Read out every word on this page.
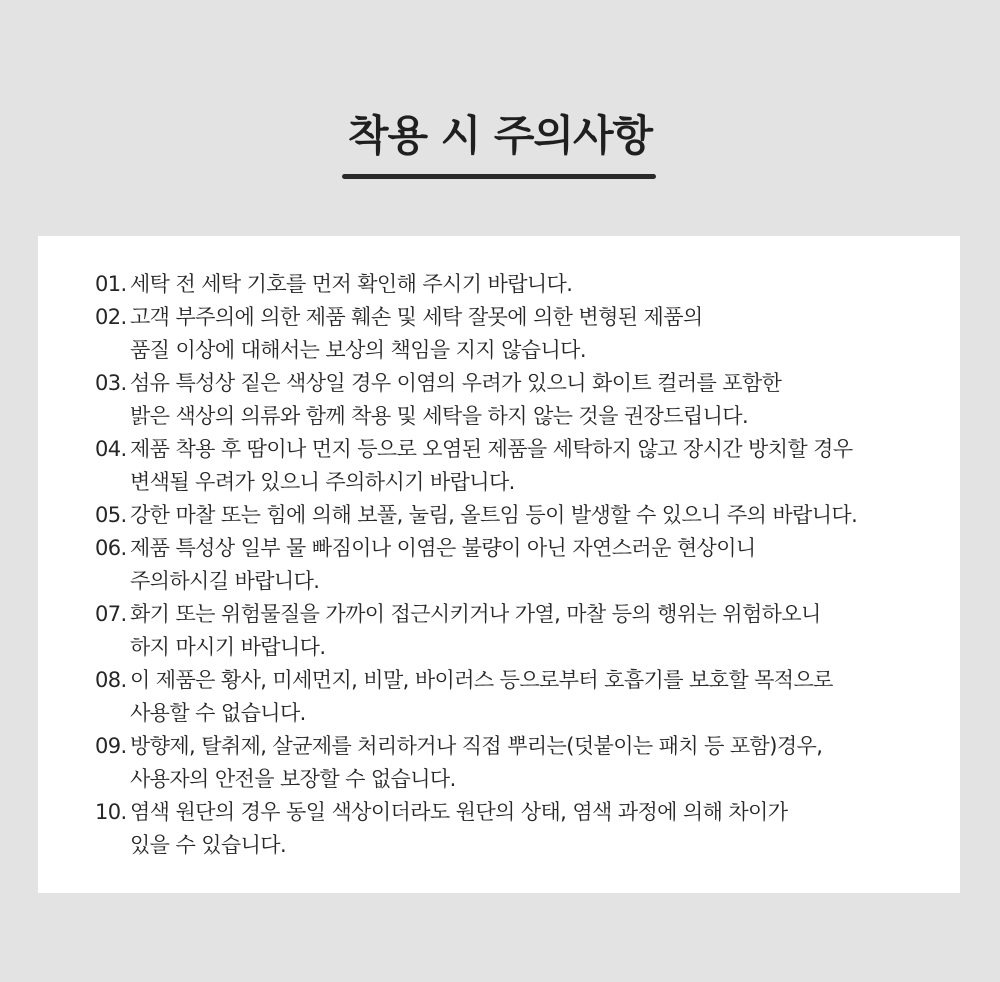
착용 시 주의사항
01. 세탁 전 세탁 기호를 먼저 확인해 주시기 바랍니다.
02. 고객 부주의에 의한 제품 훼손 및 세탁 잘못에 의한 변형된 제품의
품질 이상에 대해서는 보상의 책임을 지지 않습니다.
03. 섬유 특성상 짙은 색상일 경우 이염의 우려가 있으니 화이트 컬러를 포함한
밝은 색상의 의류와 함께 착용 및 세탁을 하지 않는 것을 권장드립니다.
04. 제품 착용 후 땀이나 먼지 등으로 오염된 제품을 세탁하지 않고 장시간 방치할 경우
변색될 우려가 있으니 주의하시기 바랍니다.
05. 강한 마찰 또는 힘에 의해 보풀, 눌림, 올트임 등이 발생할 수 있으니 주의 바랍니다.
06. 제품 특성상 일부 물 빠짐이나 이염은 불량이 아닌 자연스러운 현상이니
주의하시길 바랍니다.
07. 화기 또는 위험물질을 가까이 접근시키거나 가열, 마찰 등의 행위는 위험하오니
하지 마시기 바랍니다.
08. 이 제품은 황사, 미세먼지, 비말, 바이러스 등으로부터 호흡기를 보호할 목적으로
사용할 수 없습니다.
09. 방향제, 탈취제, 살균제를 처리하거나 직접 뿌리는(덧붙이는 패치 등 포함)경우,
사용자의 안전을 보장할 수 없습니다.
10. 염색 원단의 경우 동일 색상이더라도 원단의 상태, 염색 과정에 의해 차이가
있을 수 있습니다.
